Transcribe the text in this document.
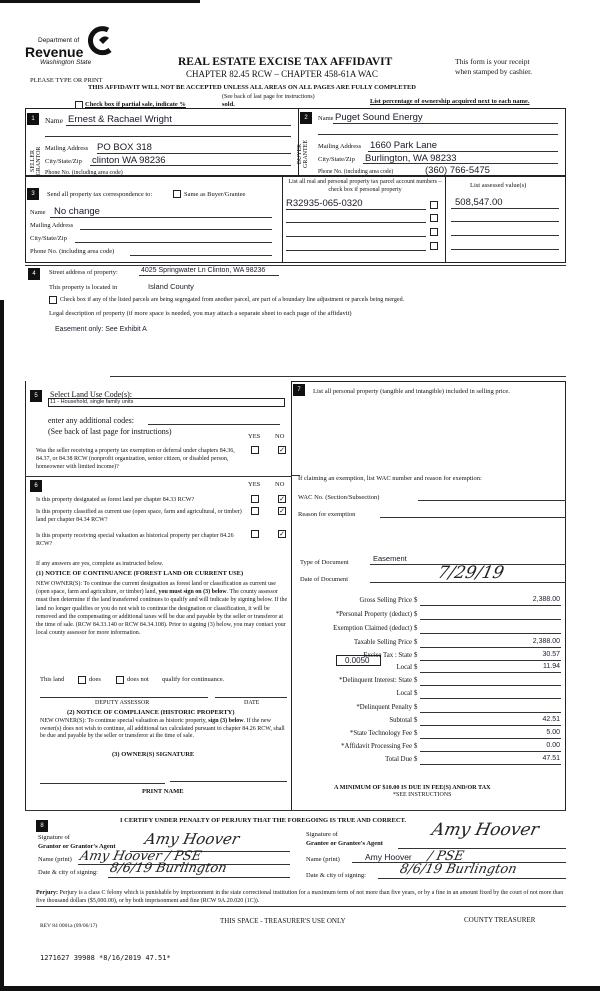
Department of
Revenue
Washington State	REAL ESTATE EXCISE TAX AFFIDAVIT
CHAPTER 82.45 RCW – CHAPTER 458-61A WAC
This form is your receipt
when stamped by cashier.
PLEASE TYPE OR PRINT
THIS AFFIDAVIT WILL NOT BE ACCEPTED UNLESS ALL AREAS ON ALL PAGES ARE FULLY COMPLETED
(See back of last page for instructions)
Check box if partial sale, indicate %	sold.	List percentage of ownership acquired next to each name.
1
SELLER GRANTOR
Name Ernest & Rachael Wright
Mailing Address PO BOX 318
City/State/Zip clinton WA 98236
Phone No. (including area code)
2
BUYER GRANTEE
Name Puget Sound Energy
Mailing Address 1660 Park Lane
City/State/Zip Burlington, WA 98233
Phone No. (including area code)	(360) 766-5475
3	Send all property tax correspondence to:	Same as Buyer/Grantee
Name No change
Mailing Address
City/State/Zip
Phone No. (including area code)
List all real and personal property tax parcel account numbers – check box if personal property
List assessed value(s)
R32935-065-0320	508,547.00
4	Street address of property:	4025 Springwater Ln Clinton, WA 98236
This property is located in	Island County
Check box if any of the listed parcels are being segregated from another parcel, are part of a boundary line adjustment or parcels being merged.
Legal description of property (if more space is needed, you may attach a separate sheet to each page of the affidavit)
Easement only: See Exhibit A
5	Select Land Use Code(s):
11 - Household, single family units
enter any additional codes:
(See back of last page for instructions)
YES NO
Was the seller receiving a property tax exemption or deferral under chapters 84.36, 84.37, or 84.38 RCW (nonprofit organization, senior citizen, or disabled person, homeowner with limited income)?
✓
6	YES NO
Is this property designated as forest land per chapter 84.33 RCW?	✓
Is this property classified as current use (open space, farm and agricultural, or timber) land per chapter 84.34 RCW?
✓
Is this property receiving special valuation as historical property per chapter 84.26 RCW?
✓
If any answers are yes, complete as instructed below.
(1) NOTICE OF CONTINUANCE (FOREST LAND OR CURRENT USE)
NEW OWNER(S): To continue the current designation as forest land or classification as current use (open space, farm and agriculture, or timber) land, you must sign on (3) below. The county assessor must then determine if the land transferred continues to qualify and will indicate by signing below. If the land no longer qualifies or you do not wish to continue the designation or classification, it will be removed and the compensating or additional taxes will be due and payable by the seller or transferor at the time of sale. (RCW 84.33.140 or RCW 84.34.108). Prior to signing (3) below, you may contact your local county assessor for more information.
This land	does	does not qualify for continuance.
DEPUTY ASSESSOR	DATE
(2) NOTICE OF COMPLIANCE (HISTORIC PROPERTY)
NEW OWNER(S): To continue special valuation as historic property, sign (3) below. If the new owner(s) does not wish to continue, all additional tax calculated pursuant to chapter 84.26 RCW, shall be due and payable by the seller or transferor at the time of sale.
(3) OWNER(S) SIGNATURE
PRINT NAME
7	List all personal property (tangible and intangible) included in selling price.
If claiming an exemption, list WAC number and reason for exemption:
WAC No. (Section/Subsection)
Reason for exemption
Type of Document	Easement
Date of Document	7/29/19
0.0050
Gross Selling Price $	2,388.00
*Personal Property (deduct) $
Exemption Claimed (deduct) $
Taxable Selling Price $	2,388.00
Excise Tax : State $	30.57
Local $	11.94
*Delinquent Interest: State $
Local $
*Delinquent Penalty $
Subtotal $	42.51
*State Technology Fee $	5.00
*Affidavit Processing Fee $	0.00
Total Due $	47.51
A MINIMUM OF $10.00 IS DUE IN FEE(S) AND/OR TAX
*SEE INSTRUCTIONS
8
I CERTIFY UNDER PENALTY OF PERJURY THAT THE FOREGOING IS TRUE AND CORRECT.
Signature of
Grantor or Grantor's Agent Amy Hoover
Name (print) Amy Hoover / PSE
Date & city of signing: 8/6/19 Burlington
Signature of
Grantee or Grantee's Agent
Amy Hoover
Name (print)	Amy Hoover / PSE
Date & city of signing: 8/6/19 Burlington
Perjury: Perjury is a class C felony which is punishable by imprisonment in the state correctional institution for a maximum term of not more than five years, or by a fine in an amount fixed by the court of not more than five thousand dollars ($5,000.00), or by both imprisonment and fine (RCW 9A.20.020 (1C)).
REV 84 0001a (09/06/17)
THIS SPACE - TREASURER'S USE ONLY	COUNTY TREASURER
1271627 39908 *8/16/2019 47.51*
